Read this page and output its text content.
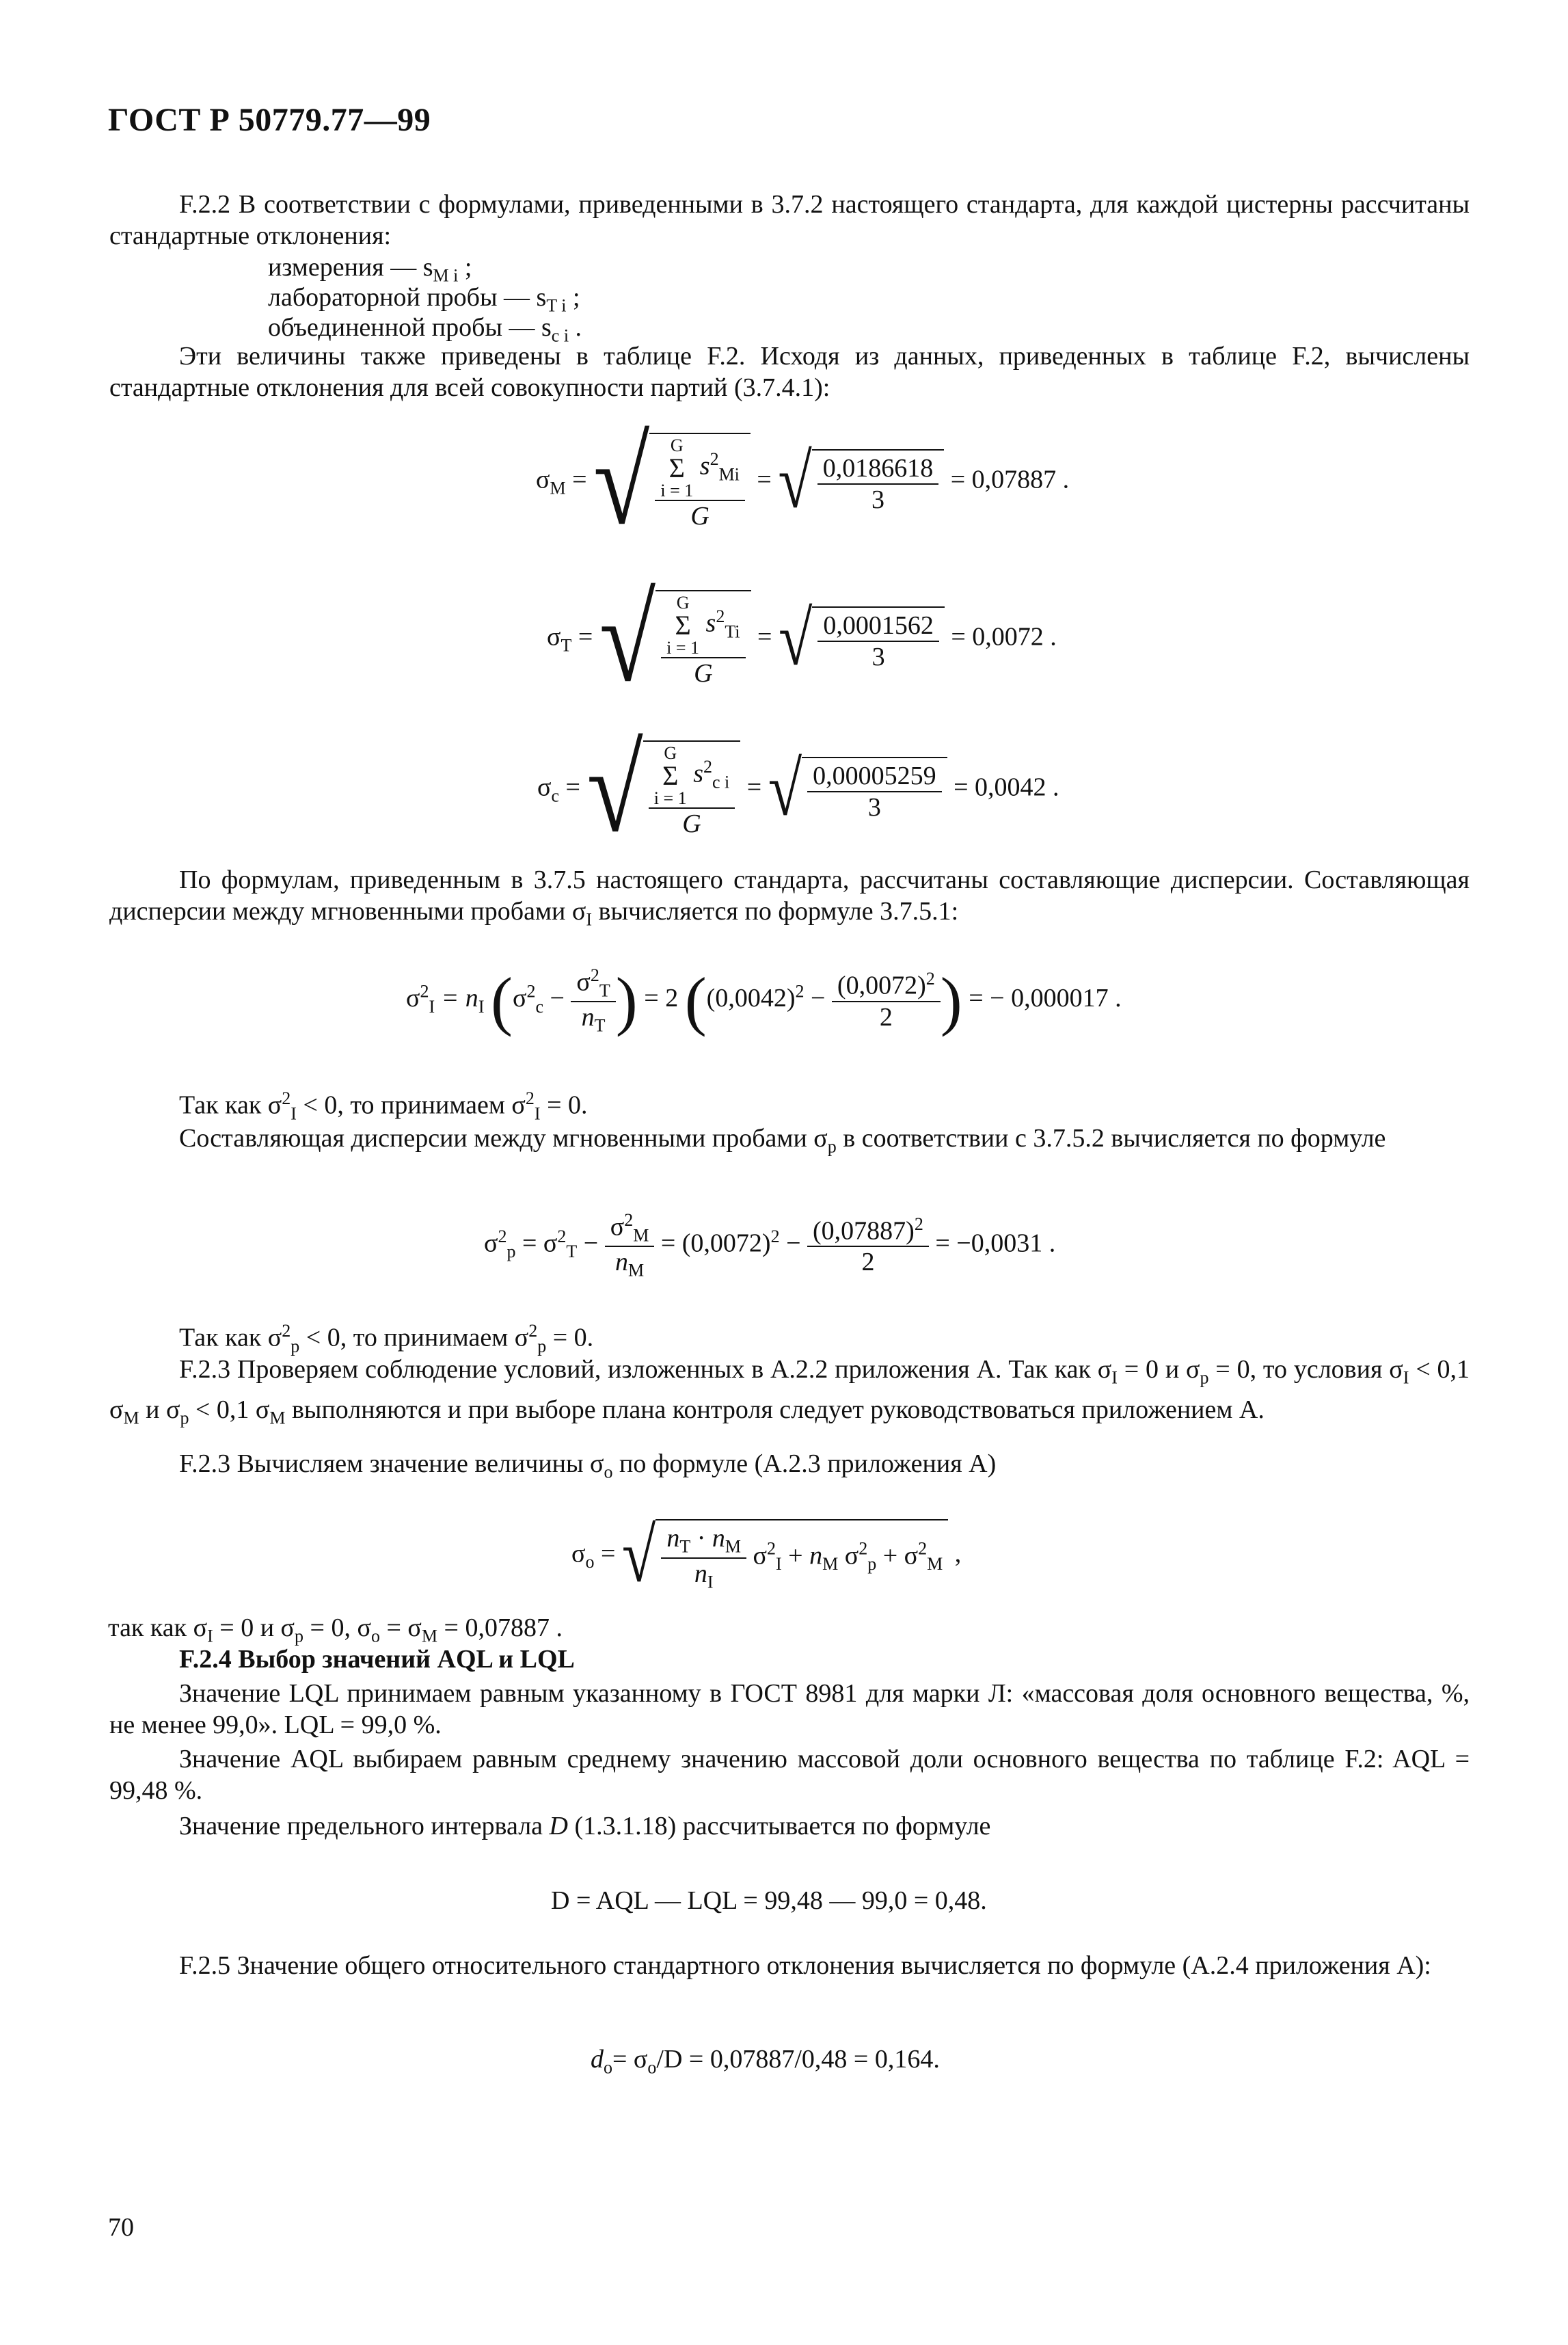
ГОСТ Р 50779.77—99
F.2.2 В соответствии с формулами, приведенными в 3.7.2 настоящего стандарта, для каждой цистерны рассчитаны стандартные отклонения:
измерения — $s_{M i}$ ;
лабораторной пробы — $s_{T i}$ ;
объединенной пробы — $s_{c i}$ .
Эти величины также приведены в таблице F.2. Исходя из данных, приведенных в таблице F.2, вычислены стандартные отклонения для всей совокупности партий (3.7.4.1):
$\sigma_M$ = √	G
Σ
i = 1 $s^2_{Mi}$
G
= √ $\frac{0,0186618}{3} = 0,07887$ .
$\sigma_T$ = √	G
Σ
i = 1 $s^2_{Ti}$
G
= √ $\frac{0,0001562}{3} = 0,0072$ .
$\sigma_c$ = √	G
Σ
i = 1 $s^2_{c i}$
G
= √ $\frac{0,00005259}{3} = 0,0042$ .
По формулам, приведенным в 3.7.5 настоящего стандарта, рассчитаны составляющие дисперсии. Составляющая дисперсии между мгновенными пробами $\sigma_I$ вычисляется по формуле 3.7.5.1:
$\sigma^2_I = n_I$ ($\sigma^2_c - \frac{\sigma^2_T}{n_T}$ ) = 2 ($(0,0042)^2 - \frac{(0,0072)^2}{2}$ ) = − 0,000017 .
Так как $\sigma^2_I < 0$, то принимаем $\sigma^2_I = 0$.
Составляющая дисперсии между мгновенными пробами $\sigma_p$ в соответствии с 3.7.5.2 вычисляется по формуле
$\sigma^2_p = \sigma^2_T - \frac{\sigma^2_M}{n_M} = (0,0072)^2 - \frac{(0,07887)^2}{2} = -0,0031$ .
Так как $\sigma^2_p < 0$, то принимаем $\sigma^2_p = 0$.
F.2.3 Проверяем соблюдение условий, изложенных в A.2.2 приложения А. Так как $\sigma_I = 0$ и $\sigma_p = 0$, то условия $\sigma_I < 0,1$ $\sigma_M$ и $\sigma_p < 0,1$ $\sigma_M$ выполняются и при выборе плана контроля следует руководствоваться приложением А.
F.2.3 Вычисляем значение величины $\sigma_о$ по формуле (А.2.3 приложения А)
$\sigma_о$ = √ $\frac{n_T \cdot n_M}{n_I} \sigma^2_I + n_M$ $\sigma^2_p + \sigma^2_M$ ,
так как $\sigma_I = 0$ и $\sigma_p = 0$, $\sigma_о = \sigma_M = 0,07887$ .
F.2.4 Выбор значений AQL и LQL
Значение LQL принимаем равным указанному в ГОСТ 8981 для марки Л: «массовая доля основного вещества, %, не менее 99,0». LQL = 99,0 %.
Значение AQL выбираем равным среднему значению массовой доли основного вещества по таблице F.2: AQL = 99,48 %.
Значение предельного интервала D (1.3.1.18) рассчитывается по формуле
D = AQL — LQL = 99,48 — 99,0 = 0,48.
F.2.5 Значение общего относительного стандартного отклонения вычисляется по формуле (А.2.4 приложения А):
$d_о= \sigma_о/D = 0,07887/0,48 = 0,164$.
70
